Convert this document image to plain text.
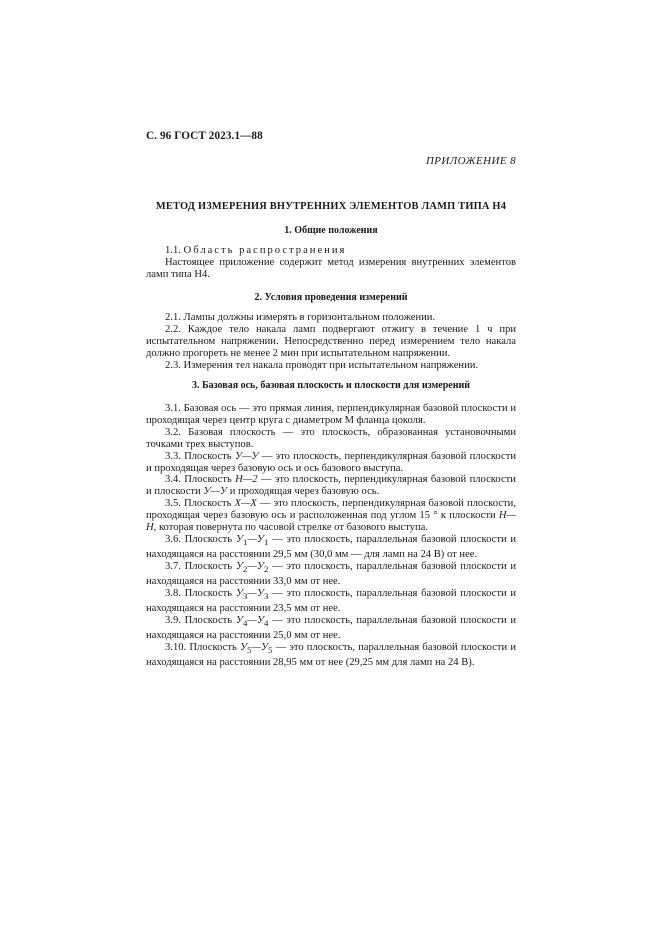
С. 96 ГОСТ 2023.1—88
ПРИЛОЖЕНИЕ 8
МЕТОД ИЗМЕРЕНИЯ ВНУТРЕННИХ ЭЛЕМЕНТОВ ЛАМП ТИПА Н4
1. Общие положения

1.1. Область распространения

Настоящее приложение содержит метод измерения внутренних элементов ламп типа Н4.

2. Условия проведения измерений

2.1. Лампы должны измерять в горизонтальном положении.

2.2. Каждое тело накала ламп подвергают отжигу в течение 1 ч при испытательном напряжении. Непосредственно перед измерением тело накала должно прогореть не менее 2 мин при испытательном напряжении.

2.3. Измерения тел накала проводят при испытательном напряжении.

3. Базовая ось, базовая плоскость и плоскости для измерений

3.1. Базовая ось — это прямая линия, перпендикулярная базовой плоскости и проходящая через центр круга с диаметром М фланца цоколя.

3.2. Базовая плоскость — это плоскость, образованная установочными точками трех выступов.

3.3. Плоскость У—У — это плоскость, перпендикулярная базовой плоскости и проходящая через базовую ось и ось базового выступа.

3.4. Плоскость Н—2 — это плоскость, перпендикулярная базовой плоскости и плоскости У—У и проходящая через базовую ось.

3.5. Плоскость Х—Х — это плоскость, перпендикулярная базовой плоскости, проходящая через базовую ось и расположенная под углом 15 ° к плоскости Н—Н, которая повернута по часовой стрелке от базового выступа.

3.6. Плоскость $У_1—У_1$ — это плоскость, параллельная базовой плоскости и находящаяся на расстоянии 29,5 мм (30,0 мм — для ламп на 24 В) от нее.

3.7. Плоскость $У_2—У_2$ — это плоскость, параллельная базовой плоскости и находящаяся на расстоянии 33,0 мм от нее.

3.8. Плоскость $У_3—У_3$ — это плоскость, параллельная базовой плоскости и находящаяся на расстоянии 23,5 мм от нее.

3.9. Плоскость $У_4—У_4$ — это плоскость, параллельная базовой плоскости и находящаяся на расстоянии 25,0 мм от нее.

3.10. Плоскость $У_5—У_5$ — это плоскость, параллельная базовой плоскости и находящаяся на расстоянии 28,95 мм от нее (29,25 мм для ламп на 24 В).
